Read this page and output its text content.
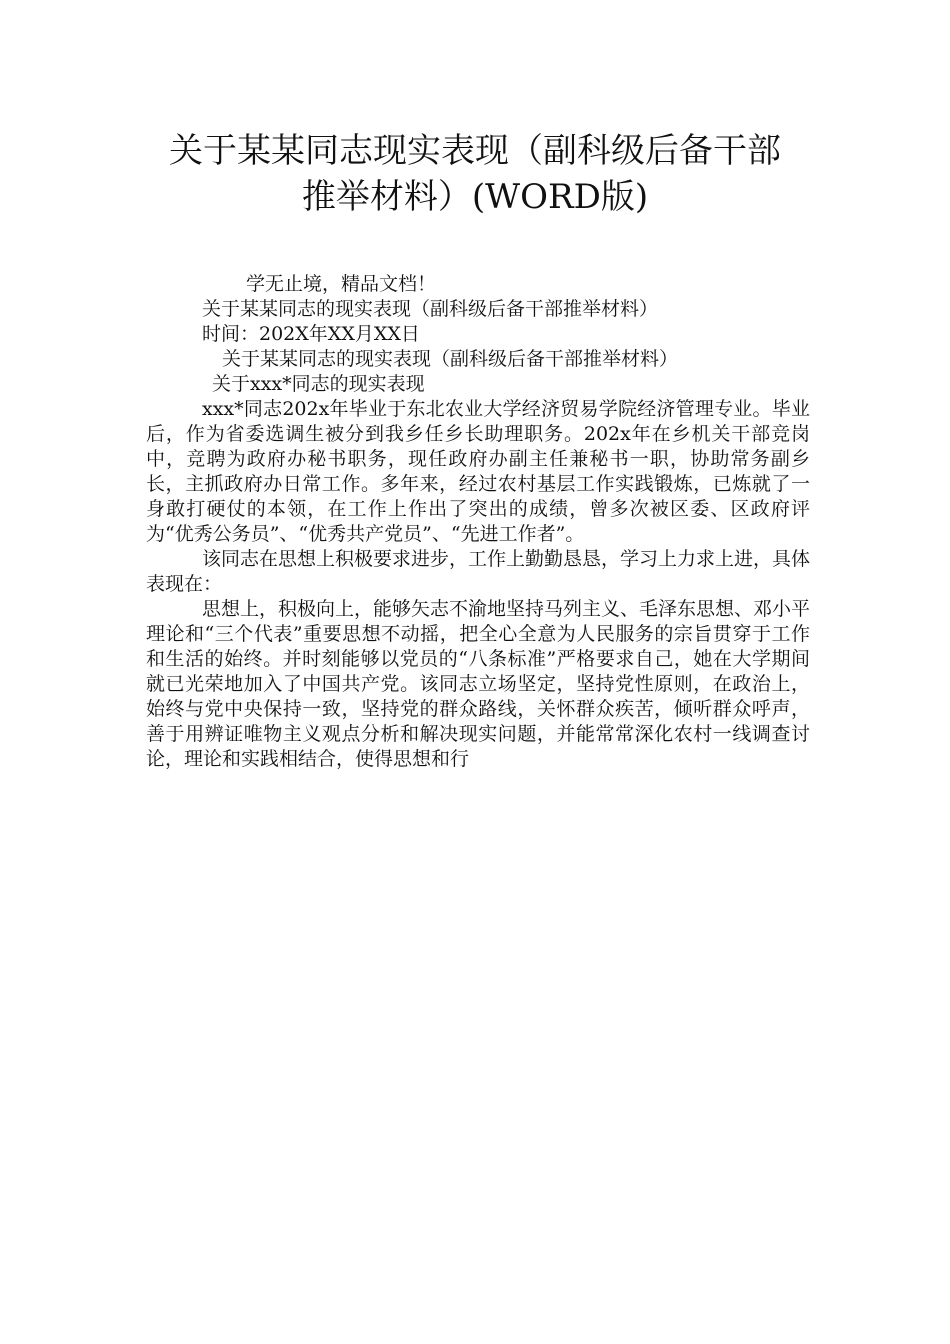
关于某某同志现实表现（副科级后备干部
推举材料）(WORD版)

学无止境，精品文档！

关于某某同志的现实表现（副科级后备干部推举材料）

时间：202X年XX月XX日

关于某某同志的现实表现（副科级后备干部推举材料）

关于xxx*同志的现实表现

xxx*同志202x年毕业于东北农业大学经济贸易学院经济管理专业。毕业后，作为省委选调生被分到我乡任乡长助理职务。202x年在乡机关干部竞岗中，竞聘为政府办秘书职务，现任政府办副主任兼秘书一职，协助常务副乡长，主抓政府办日常工作。多年来，经过农村基层工作实践锻炼，已炼就了一身敢打硬仗的本领，在工作上作出了突出的成绩，曾多次被区委、区政府评为“优秀公务员”、“优秀共产党员”、“先进工作者”。

该同志在思想上积极要求进步，工作上勤勤恳恳，学习上力求上进，具体表现在：

思想上，积极向上，能够矢志不渝地坚持马列主义、毛泽东思想、邓小平理论和“三个代表”重要思想不动摇，把全心全意为人民服务的宗旨贯穿于工作和生活的始终。并时刻能够以党员的“八条标准”严格要求自己，她在大学期间就已光荣地加入了中国共产党。该同志立场坚定，坚持党性原则，在政治上，始终与党中央保持一致，坚持党的群众路线，关怀群众疾苦，倾听群众呼声，善于用辨证唯物主义观点分析和解决现实问题，并能常常深化农村一线调查讨论，理论和实践相结合，使得思想和行
